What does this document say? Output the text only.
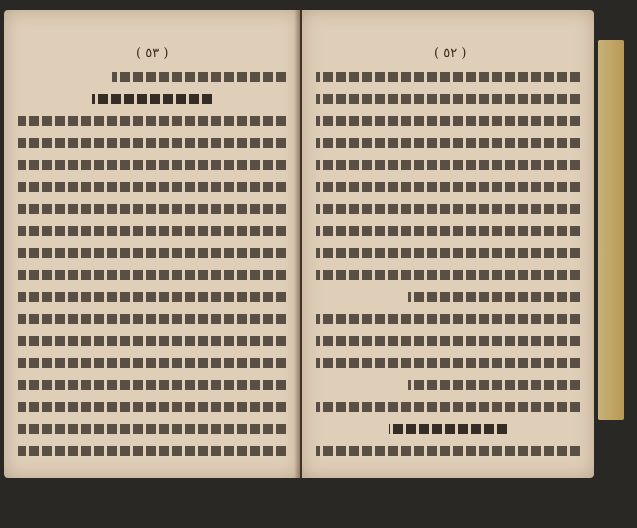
( ٥٣ )	( ٥٢ )
